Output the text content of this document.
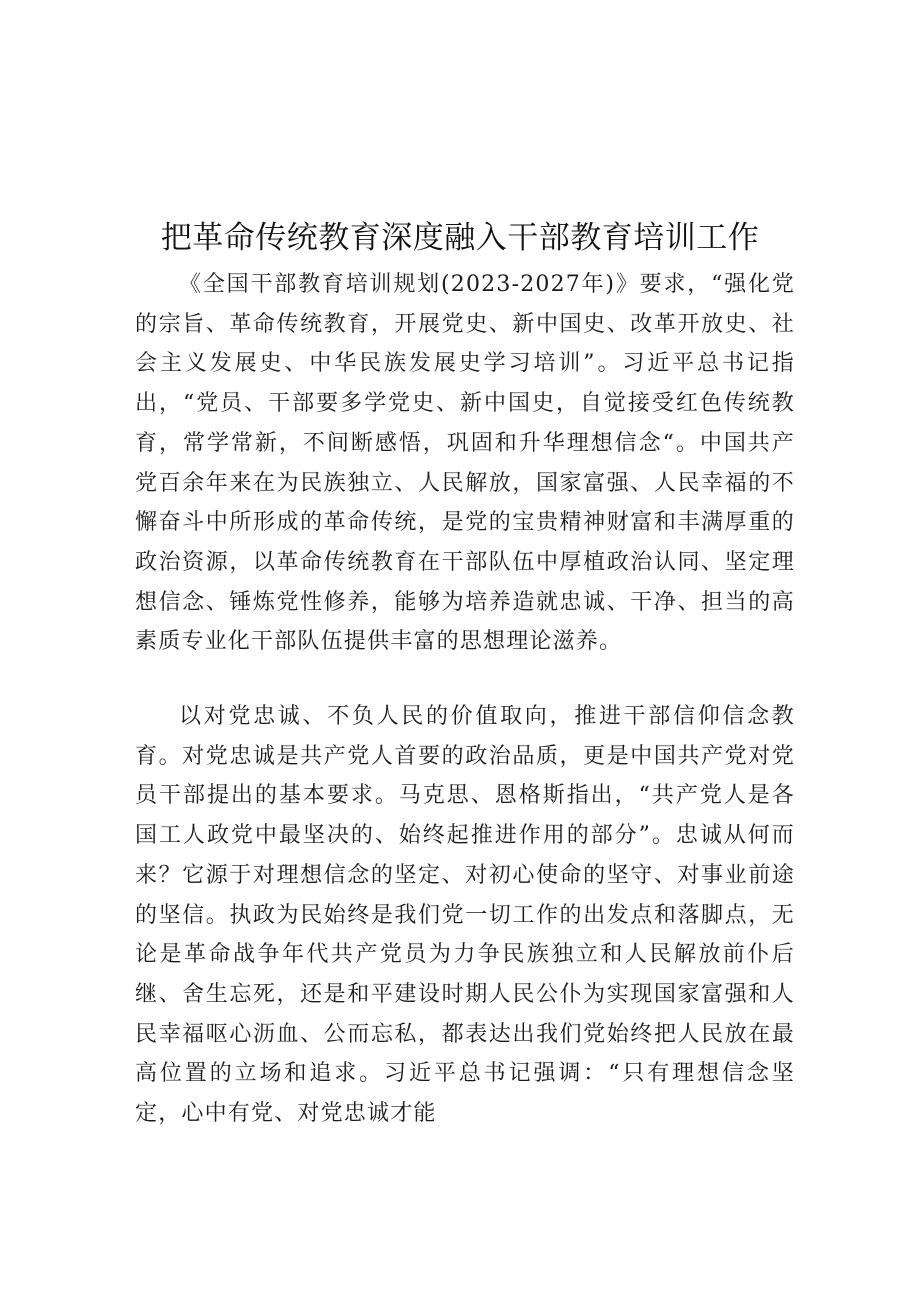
把革命传统教育深度融入干部教育培训工作

《全国干部教育培训规划(2023-2027年)》要求，“强化党的宗旨、革命传统教育，开展党史、新中国史、改革开放史、社会主义发展史、中华民族发展史学习培训”。习近平总书记指出，“党员、干部要多学党史、新中国史，自觉接受红色传统教育，常学常新，不间断感悟，巩固和升华理想信念“。中国共产党百余年来在为民族独立、人民解放，国家富强、人民幸福的不懈奋斗中所形成的革命传统，是党的宝贵精神财富和丰满厚重的政治资源，以革命传统教育在干部队伍中厚植政治认同、坚定理想信念、锤炼党性修养，能够为培养造就忠诚、干净、担当的高素质专业化干部队伍提供丰富的思想理论滋养。

以对党忠诚、不负人民的价值取向，推进干部信仰信念教育。对党忠诚是共产党人首要的政治品质，更是中国共产党对党员干部提出的基本要求。马克思、恩格斯指出，“共产党人是各国工人政党中最坚决的、始终起推进作用的部分”。忠诚从何而来？它源于对理想信念的坚定、对初心使命的坚守、对事业前途的坚信。执政为民始终是我们党一切工作的出发点和落脚点，无论是革命战争年代共产党员为力争民族独立和人民解放前仆后继、舍生忘死，还是和平建设时期人民公仆为实现国家富强和人民幸福呕心沥血、公而忘私，都表达出我们党始终把人民放在最高位置的立场和追求。习近平总书记强调：“只有理想信念坚定，心中有党、对党忠诚才能
